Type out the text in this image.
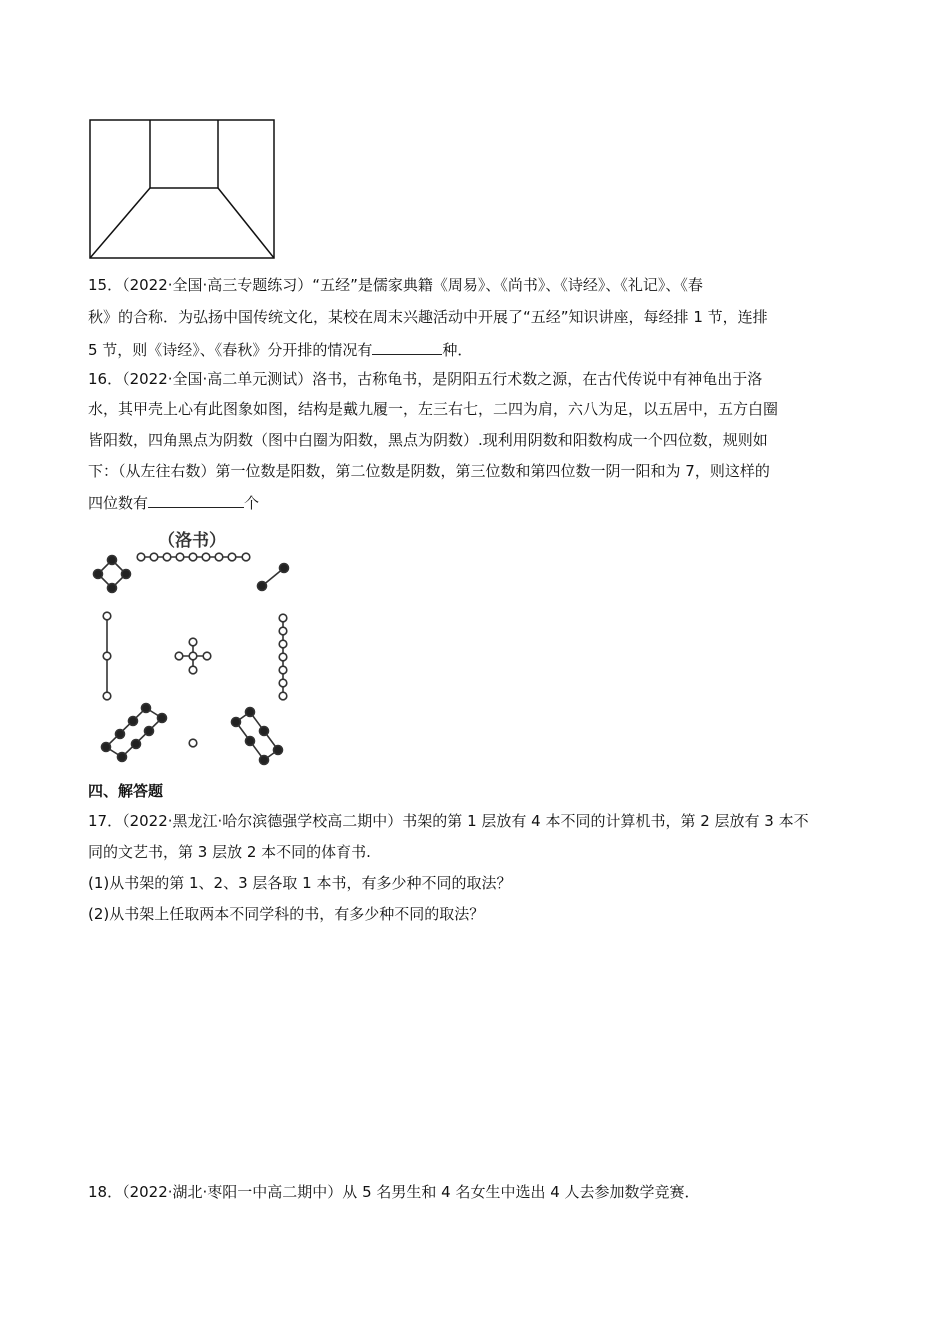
15．（2022·全国·高三专题练习）“五经”是儒家典籍《周易》、《尚书》、《诗经》、《礼记》、《春
秋》的合称．为弘扬中国传统文化，某校在周末兴趣活动中开展了“五经”知识讲座，每经排 1 节，连排
5 节，则《诗经》、《春秋》分开排的情况有	种．
16．（2022·全国·高二单元测试）洛书，古称龟书，是阴阳五行术数之源，在古代传说中有神龟出于洛
水，其甲壳上心有此图象如图，结构是戴九履一，左三右七，二四为肩，六八为足，以五居中，五方白圈
皆阳数，四角黑点为阴数（图中白圈为阳数，黑点为阴数）.现利用阴数和阳数构成一个四位数，规则如
下：（从左往右数）第一位数是阳数，第二位数是阴数，第三位数和第四位数一阴一阳和为 7，则这样的
四位数有	个
（洛书）
四、解答题
17．（2022·黑龙江·哈尔滨德强学校高二期中）书架的第 1 层放有 4 本不同的计算机书，第 2 层放有 3 本不
同的文艺书，第 3 层放 2 本不同的体育书.
(1)从书架的第 1、2、3 层各取 1 本书，有多少种不同的取法？
(2)从书架上任取两本不同学科的书，有多少种不同的取法？
18．（2022·湖北·枣阳一中高二期中）从 5 名男生和 4 名女生中选出 4 人去参加数学竞赛．
